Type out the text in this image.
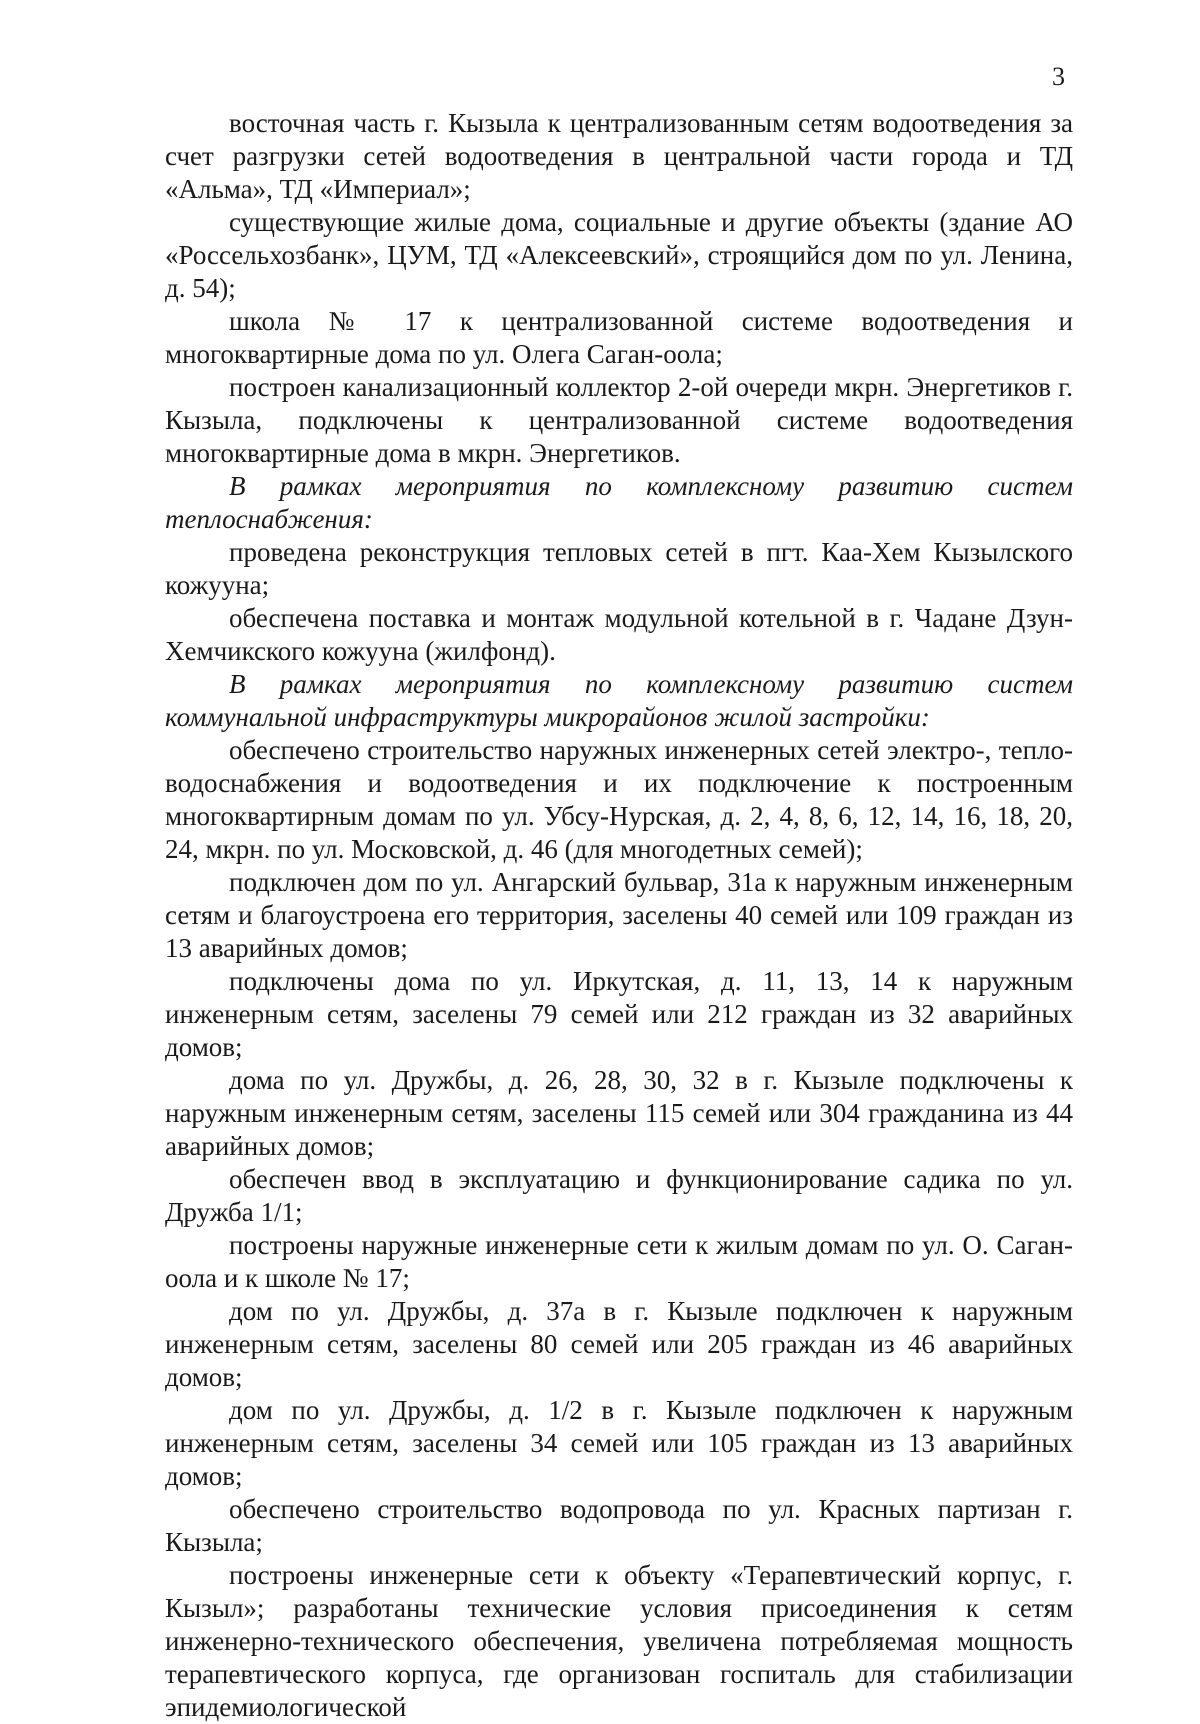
3

восточная часть г. Кызыла к централизованным сетям водоотведения за счет разгрузки сетей водоотведения в центральной части города и ТД «Альма», ТД «Империал»;

существующие жилые дома, социальные и другие объекты (здание АО «Россельхозбанк», ЦУМ, ТД «Алексеевский», строящийся дом по ул. Ленина, д. 54);

школа № 17 к централизованной системе водоотведения и многоквартирные дома по ул. Олега Саган-оола;

построен канализационный коллектор 2-ой очереди мкрн. Энергетиков г. Кызыла, подключены к централизованной системе водоотведения многоквартирные дома в мкрн. Энергетиков.

В рамках мероприятия по комплексному развитию систем теплоснабжения:

проведена реконструкция тепловых сетей в пгт. Каа-Хем Кызылского кожууна;

обеспечена поставка и монтаж модульной котельной в г. Чадане Дзун-Хемчикского кожууна (жилфонд).

В рамках мероприятия по комплексному развитию систем коммунальной инфраструктуры микрорайонов жилой застройки:

обеспечено строительство наружных инженерных сетей электро-, тепло-водоснабжения и водоотведения и их подключение к построенным многоквартирным домам по ул. Убсу-Нурская, д. 2, 4, 8, 6, 12, 14, 16, 18, 20, 24, мкрн. по ул. Московской, д. 46 (для многодетных семей);

подключен дом по ул. Ангарский бульвар, 31а к наружным инженерным сетям и благоустроена его территория, заселены 40 семей или 109 граждан из 13 аварийных домов;

подключены дома по ул. Иркутская, д. 11, 13, 14 к наружным инженерным сетям, заселены 79 семей или 212 граждан из 32 аварийных домов;

дома по ул. Дружбы, д. 26, 28, 30, 32 в г. Кызыле подключены к наружным инженерным сетям, заселены 115 семей или 304 гражданина из 44 аварийных домов;

обеспечен ввод в эксплуатацию и функционирование садика по ул. Дружба 1/1;

построены наружные инженерные сети к жилым домам по ул. О. Саган-оола и к школе № 17;

дом по ул. Дружбы, д. 37а в г. Кызыле подключен к наружным инженерным сетям, заселены 80 семей или 205 граждан из 46 аварийных домов;

дом по ул. Дружбы, д. 1/2 в г. Кызыле подключен к наружным инженерным сетям, заселены 34 семей или 105 граждан из 13 аварийных домов;

обеспечено строительство водопровода по ул. Красных партизан г. Кызыла;

построены инженерные сети к объекту «Терапевтический корпус, г. Кызыл»; разработаны технические условия присоединения к сетям инженерно-технического обеспечения, увеличена потребляемая мощность терапевтического корпуса, где организован госпиталь для стабилизации эпидемиологической
